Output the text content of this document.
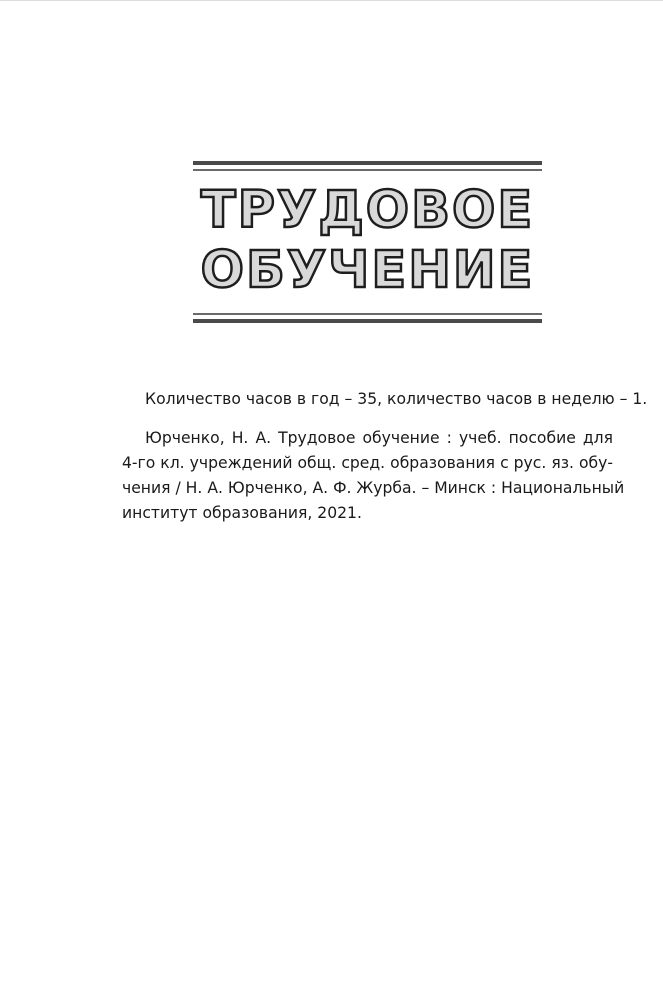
ТРУДОВОЕ
ОБУЧЕНИЕ

Количество часов в год – 35, количество часов в неделю – 1.

Юрченко, Н. А. Трудовое обучение : учеб. пособие для
4-го кл. учреждений общ. сред. образования с рус. яз. обу-
чения / Н. А. Юрченко, А. Ф. Журба. – Минск : Национальный
институт образования, 2021.
